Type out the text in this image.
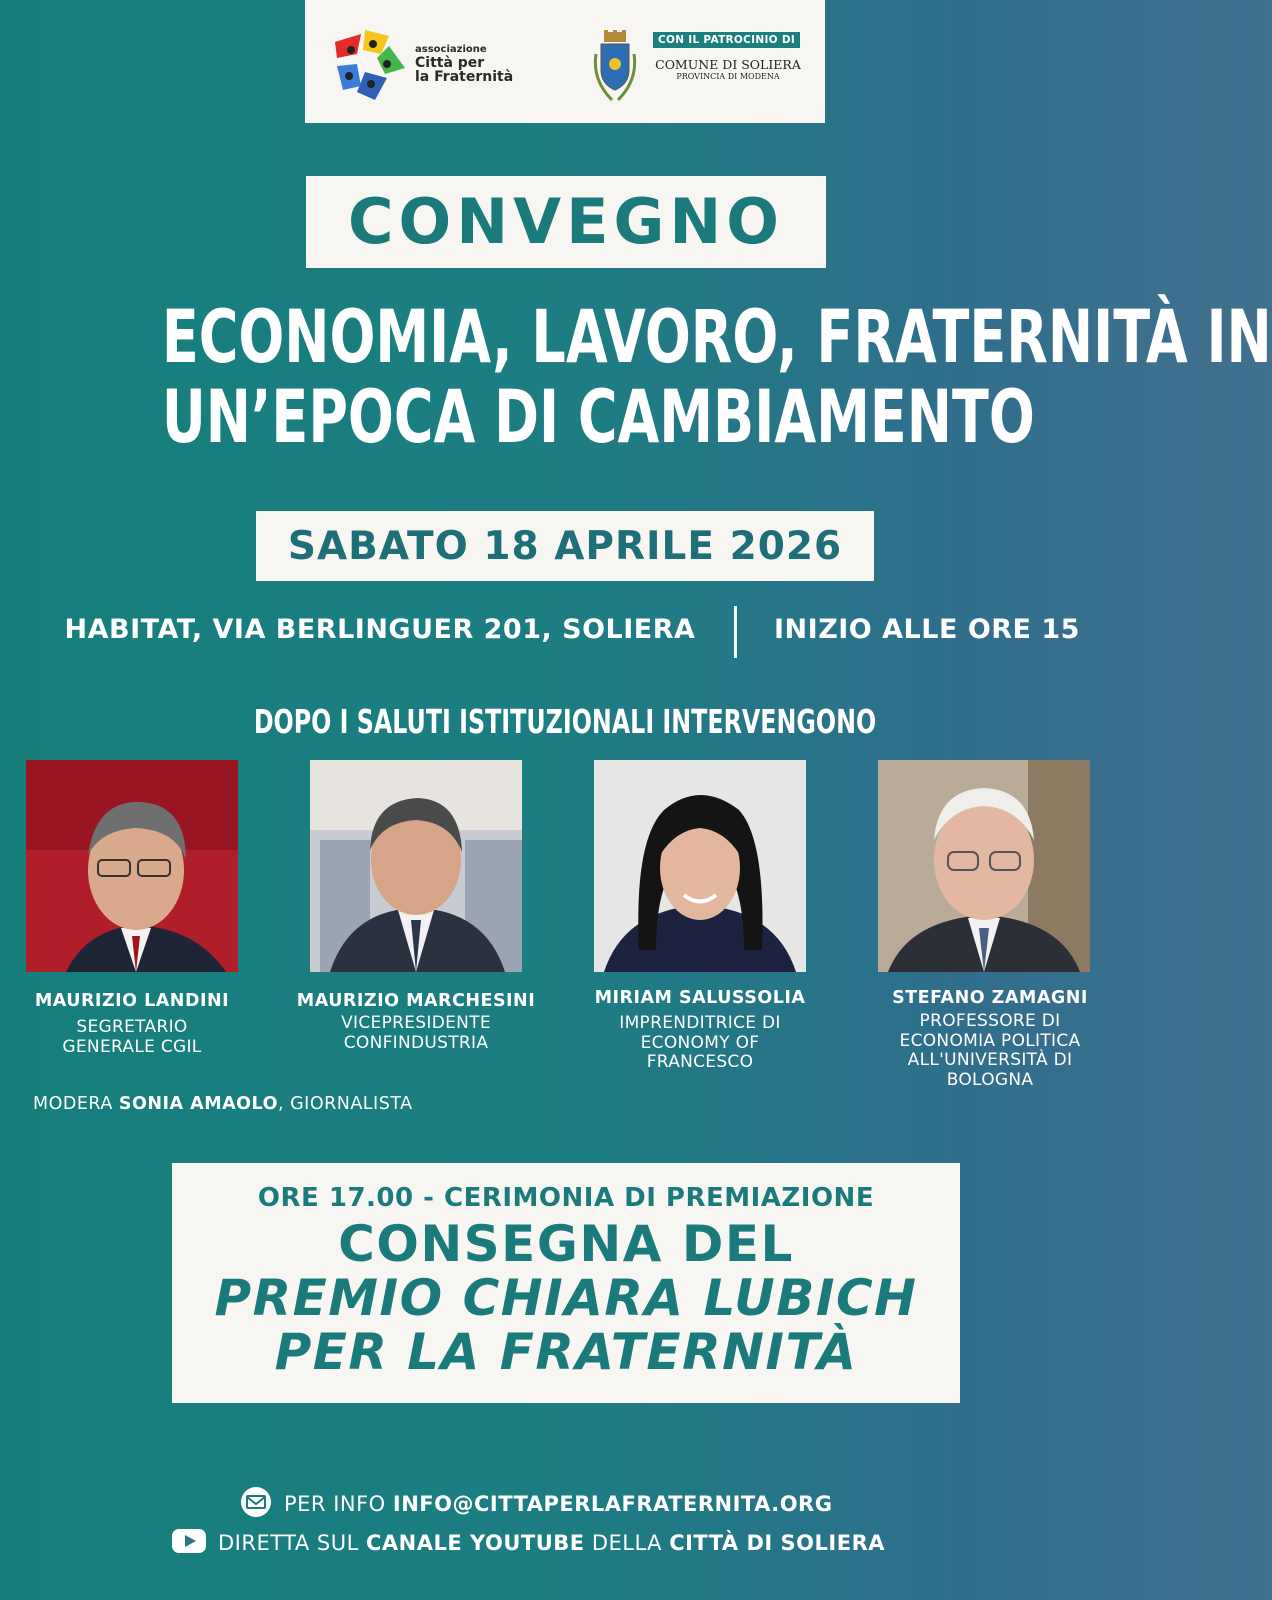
associazione
Città per
la Fraternità
CON IL PATROCINIO DI
COMUNE DI SOLIERA
PROVINCIA DI MODENA
CONVEGNO
ECONOMIA, LAVORO, FRATERNITÀ IN
UN’EPOCA DI CAMBIAMENTO
SABATO 18 APRILE 2026
HABITAT, VIA BERLINGUER 201, SOLIERA	INIZIO ALLE ORE 15
DOPO I SALUTI ISTITUZIONALI INTERVENGONO
MAURIZIO LANDINI
SEGRETARIO
GENERALE CGIL
MAURIZIO MARCHESINI
VICEPRESIDENTE
CONFINDUSTRIA
MIRIAM SALUSSOLIA
IMPRENDITRICE DI
ECONOMY OF
FRANCESCO
STEFANO ZAMAGNI
PROFESSORE DI
ECONOMIA POLITICA
ALL'UNIVERSITÀ DI
BOLOGNA
MODERA SONIA AMAOLO, GIORNALISTA
ORE 17.00 - CERIMONIA DI PREMIAZIONE
CONSEGNA DEL
PREMIO CHIARA LUBICH
PER LA FRATERNITÀ
PER INFO
INFO@CITTAPERLAFRATERNITA.ORG
DIRETTA SUL
CANALE YOUTUBE
DELLA
CITTÀ DI SOLIERA
